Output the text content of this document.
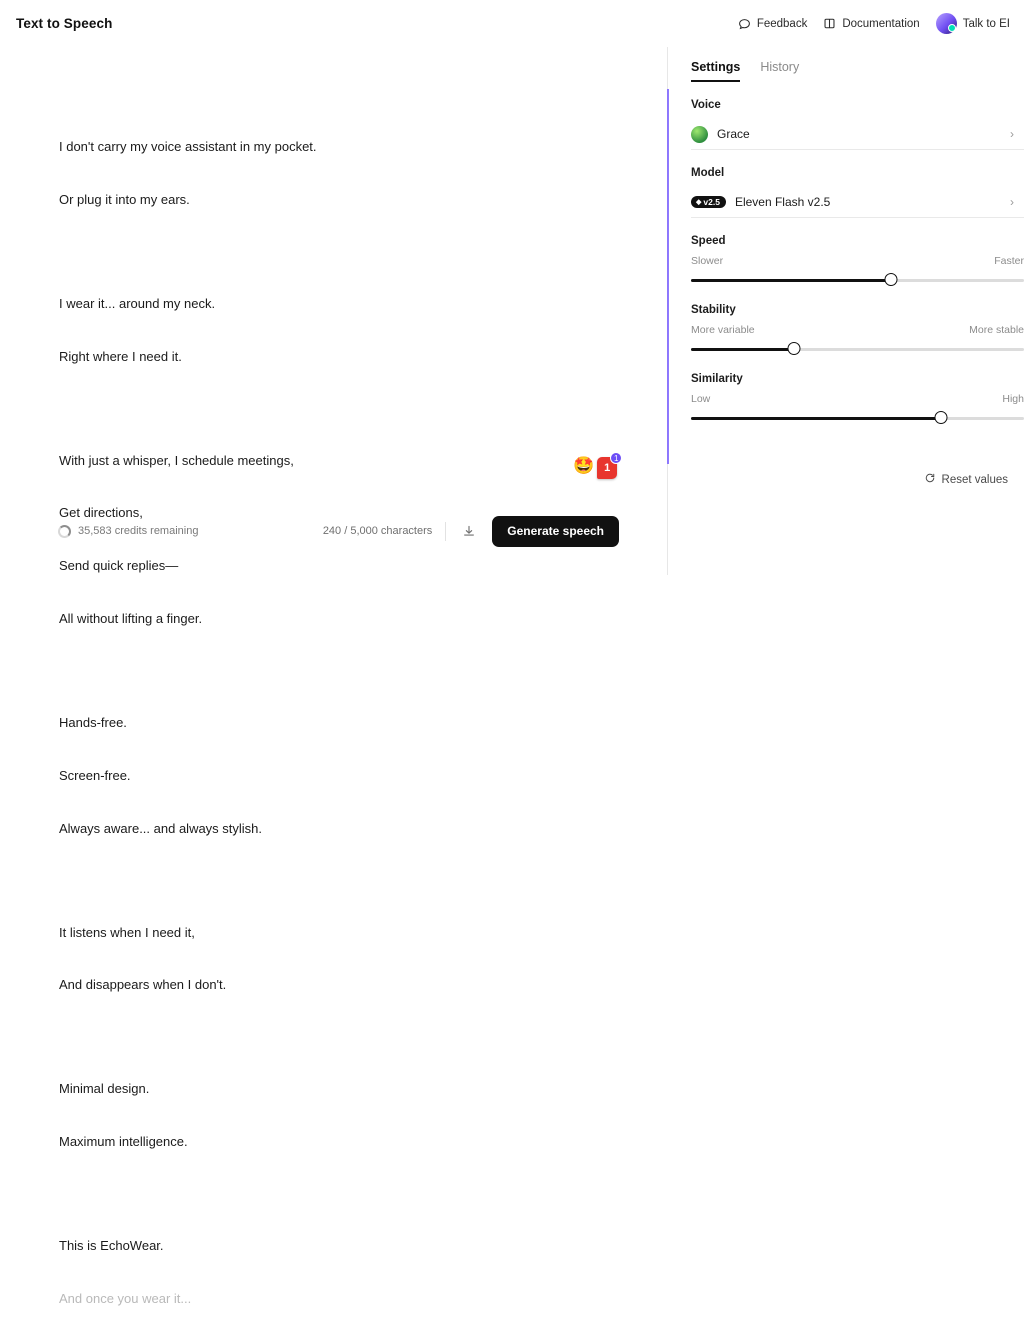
Text to Speech	Feedback	Documentation	Talk to EI

I don't carry my voice assistant in my pocket.

Or plug it into my ears.

I wear it... around my neck.

Right where I need it.

With just a whisper, I schedule meetings,

Get directions,

Send quick replies—

All without lifting a finger.

Hands-free.

Screen-free.

Always aware... and always stylish.

It listens when I need it,

And disappears when I don't.

Minimal design.

Maximum intelligence.

This is EchoWear.

And once you wear it...

🤩 1
1
35,583 credits remaining	240 / 5,000 characters	Generate speech
Settings History
Voice
Grace	›
Model
◆ v2.5 Eleven Flash v2.5	›
Speed
Slower	Faster
Stability
More variable	More stable
Similarity
Low	High
Reset values
